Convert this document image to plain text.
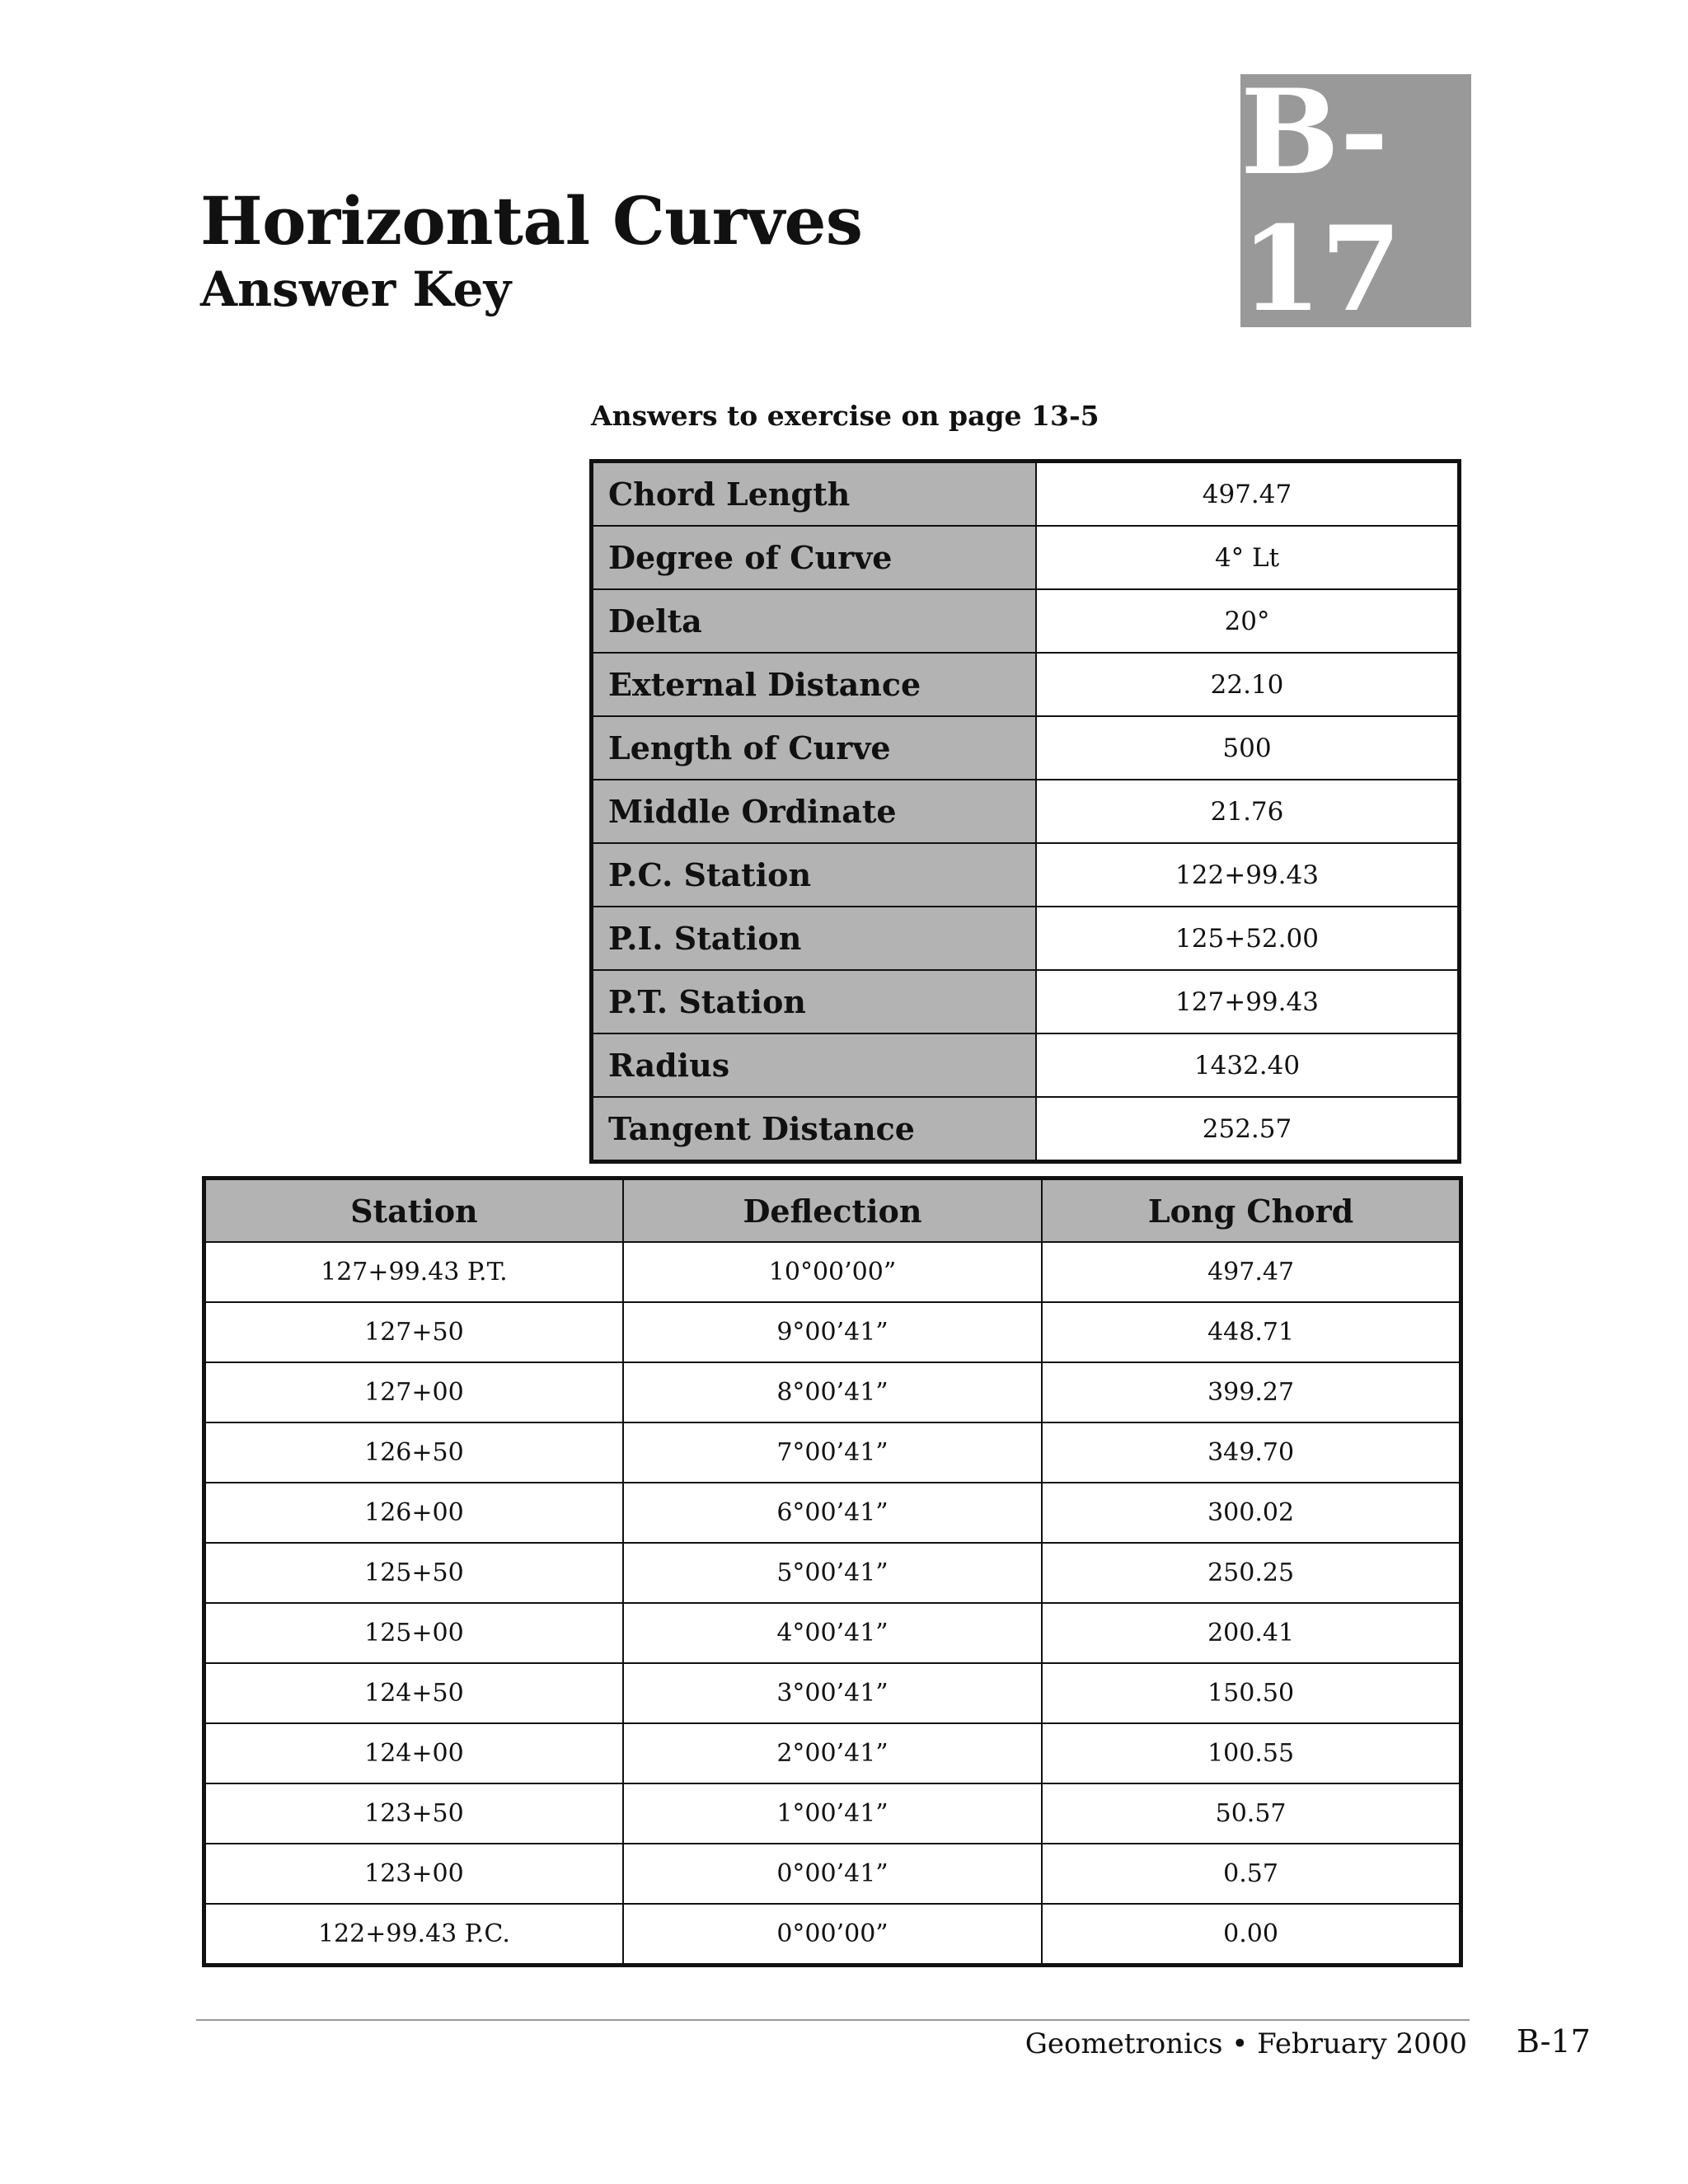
Horizontal Curves
Answer Key
B-17

Answers to exercise on page 13-5

Chord Length	497.47
Degree of Curve	4° Lt
Delta	20°
External Distance	22.10
Length of Curve	500
Middle Ordinate	21.76
P.C. Station	122+99.43
P.I. Station	125+52.00
P.T. Station	127+99.43
Radius	1432.40
Tangent Distance	252.57
Station	Deflection	Long Chord
127+99.43 P.T.	10°00’00”	497.47
127+50	9°00’41”	448.71
127+00	8°00’41”	399.27
126+50	7°00’41”	349.70
126+00	6°00’41”	300.02
125+50	5°00’41”	250.25
125+00	4°00’41”	200.41
124+50	3°00’41”	150.50
124+00	2°00’41”	100.55
123+50	1°00’41”	50.57
123+00	0°00’41”	0.57
122+99.43 P.C.	0°00’00”	0.00
Geometronics • February 2000 B-17
